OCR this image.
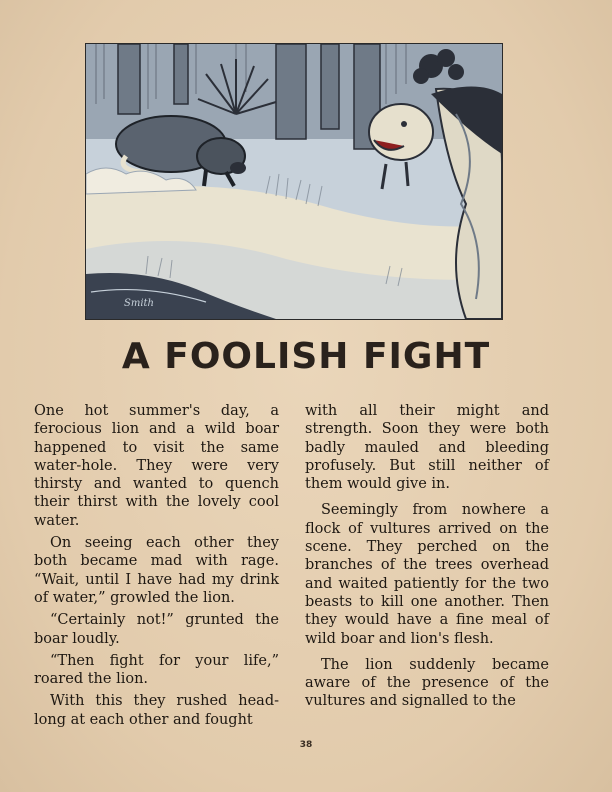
Smith
A FOOLISH FIGHT

One hot summer's day, a ferocious lion and a wild boar happened to visit the same water-hole. They were very thirsty and wanted to quench their thirst with the lovely cool water.

On seeing each other they both became mad with rage. “Wait, until I have had my drink of water,” growled the lion.

“Certainly not!” grunted the boar loudly.

“Then fight for your life,” roared the lion.

With this they rushed head-long at each other and fought

with all their might and strength. Soon they were both badly mauled and bleeding profusely. But still neither of them would give in.

Seemingly from nowhere a flock of vultures arrived on the scene. They perched on the branches of the trees overhead and waited patiently for the two beasts to kill one another. Then they would have a fine meal of wild boar and lion's flesh.

The lion suddenly became aware of the presence of the vultures and signalled to the

38
